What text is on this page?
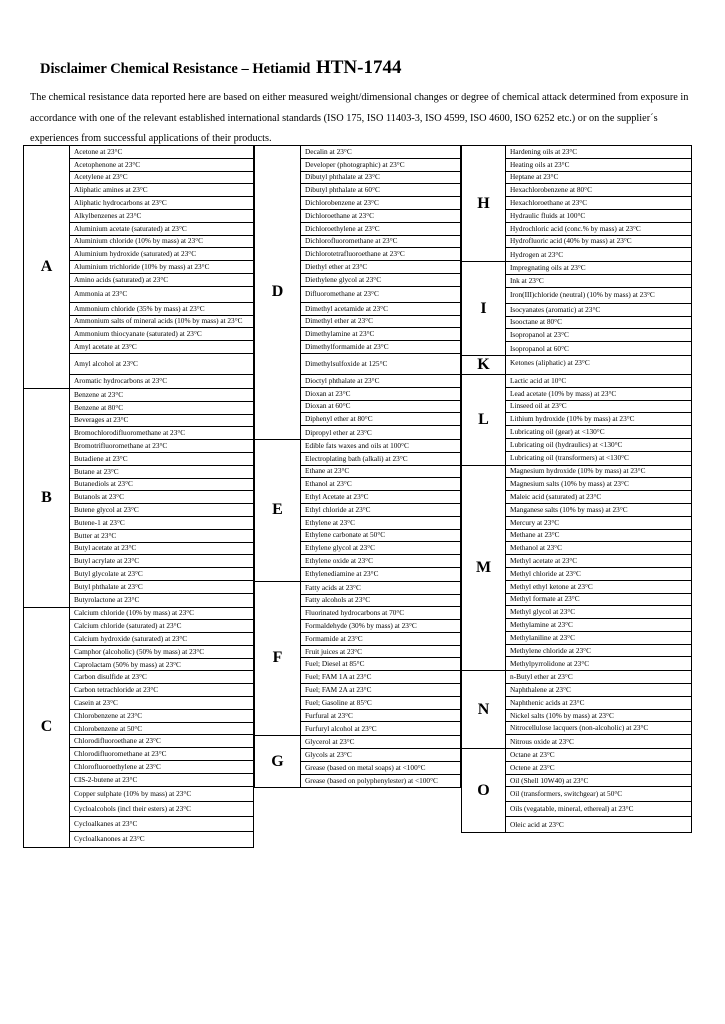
Disclaimer Chemical Resistance – Hetiamid HTN-1744
The chemical resistance data reported here are based on either measured weight/dimensional changes or degree of chemical attack determined from exposure in accordance with one of the relevant established international standards (ISO 175, ISO 11403-3, ISO 4599, ISO 4600, ISO 6252 etc.) or on the supplier´s experiences from successful applications of their products.
A
Acetone at 23°C
Acetophenone at 23°C
Acetylene at 23°C
Aliphatic amines at 23°C
Aliphatic hydrocarbons at 23°C
Alkylbenzenes at 23°C
Aluminium acetate (saturated) at 23°C
Aluminium chloride (10% by mass) at 23°C
Aluminium hydroxide (saturated) at 23°C
Aluminium trichloride (10% by mass) at 23°C
Amino acids (saturated) at 23°C
Ammonia at 23°C
Ammonium chloride (35% by mass) at 23°C
Ammonium salts of mineral acids (10% by mass) at 23°C
Ammonium thiocyanate (saturated) at 23°C
Amyl acetate at 23°C
Amyl alcohol at 23°C
Aromatic hydrocarbons at 23°C
B
Benzene at 23°C
Benzene at 80°C
Beverages at 23°C
Bromochlorodifluoromethane at 23°C
Bromotrifluoromethane at 23°C
Butadiene at 23°C
Butane at 23°C
Butanediols at 23°C
Butanols at 23°C
Butene glycol at 23°C
Butene-1 at 23°C
Butter at 23°C
Butyl acetate at 23°C
Butyl acrylate at 23°C
Butyl glycolate at 23°C
Butyl phthalate at 23°C
Butyrolactone at 23°C
C
Calcium chloride (10% by mass) at 23°C
Calcium chloride (saturated) at 23°C
Calcium hydroxide (saturated) at 23°C
Camphor (alcoholic) (50% by mass) at 23°C
Caprolactam (50% by mass) at 23°C
Carbon disulfide at 23°C
Carbon tetrachloride at 23°C
Casein at 23°C
Chlorobenzene at 23°C
Chlorobenzene at 50°C
Chlorodifluoroethane at 23°C
Chlorodifluoromethane at 23°C
Chlorofluoroethylene at 23°C
CIS-2-butene at 23°C
Copper sulphate (10% by mass) at 23°C
Cycloalcohols (incl their esters) at 23°C
Cycloalkanes at 23°C
Cycloalkanones at 23°C
D
Decalin at 23°C
Developer (photographic) at 23°C
Dibutyl phthalate at 23°C
Dibutyl phthalate at 60°C
Dichlorobenzene at 23°C
Dichloroethane at 23°C
Dichloroethylene at 23°C
Dichlorofluoromethane at 23°C
Dichlorotetrafluoroethane at 23°C
Diethyl ether at 23°C
Diethylene glycol at 23°C
Difluoromethane at 23°C
Dimethyl acetamide at 23°C
Dimethyl ether at 23°C
Dimethylamine at 23°C
Dimethylformamide at 23°C
Dimethylsulfoxide at 125°C
Dioctyl phthalate at 23°C
Dioxan at 23°C
Dioxan at 60°C
Diphenyl ether at 80°C
Dipropyl ether at 23°C
E
Edible fats waxes and oils at 100°C
Electroplating bath (alkali) at 23°C
Ethane at 23°C
Ethanol at 23°C
Ethyl Acetate at 23°C
Ethyl chloride at 23°C
Ethylene at 23°C
Ethylene carbonate at 50°C
Ethylene glycol at 23°C
Ethylene oxide at 23°C
Ethylenediamine at 23°C
F
Fatty acids at 23°C
Fatty alcohols at 23°C
Fluorinated hydrocarbons at 70°C
Formaldehyde (30% by mass) at 23°C
Formamide at 23°C
Fruit juices at 23°C
Fuel; Diesel at 85°C
Fuel; FAM 1A at 23°C
Fuel; FAM 2A at 23°C
Fuel; Gasoline at 85°C
Furfural at 23°C
Furfuryl alcohol at 23°C
G
Glycerol at 23°C
Glycols at 23°C
Grease (based on metal soaps) at <100°C
Grease (based on polyphenylester) at <100°C
H
Hardening oils at 23°C
Heating oils at 23°C
Heptane at 23°C
Hexachlorobenzene at 80°C
Hexachloroethane at 23°C
Hydraulic fluids at 100°C
Hydrochloric acid (conc.% by mass) at 23°C
Hydrofluoric acid (40% by mass) at 23°C
Hydrogen at 23°C
I
Impregnating oils at 23°C
Ink at 23°C
Iron(III)chloride (neutral) (10% by mass) at 23°C
Isocyanates (aromatic) at 23°C
Isooctane at 80°C
Isopropanol at 23°C
Isopropanol at 60°C
K	Ketones (aliphatic) at 23°C
L
Lactic acid at 10°C
Lead acetate (10% by mass) at 23°C
Linseed oil at 23°C
Lithium hydroxide (10% by mass) at 23°C
Lubricating oil (gear) at <130°C
Lubricating oil (hydraulics) at <130°C
Lubricating oil (transformers) at <130°C
M
Magnesium hydroxide (10% by mass) at 23°C
Magnesium salts (10% by mass) at 23°C
Maleic acid (saturated) at 23°C
Manganese salts (10% by mass) at 23°C
Mercury at 23°C
Methane at 23°C
Methanol at 23°C
Methyl acetate at 23°C
Methyl chloride at 23°C
Methyl ethyl ketone at 23°C
Methyl formate at 23°C
Methyl glycol at 23°C
Methylamine at 23°C
Methylaniline at 23°C
Methylene chloride at 23°C
Methylpyrrolidone at 23°C
N
n-Butyl ether at 23°C
Naphthalene at 23°C
Naphthenic acids at 23°C
Nickel salts (10% by mass) at 23°C
Nitrocellulose lacquers (non-alcoholic) at 23°C
Nitrous oxide at 23°C
O
Octane at 23°C
Octene at 23°C
Oil (Shell 10W40) at 23°C
Oil (transformers, switchgear) at 50°C
Oils (vegatable, mineral, ethereal) at 23°C
Oleic acid at 23°C
